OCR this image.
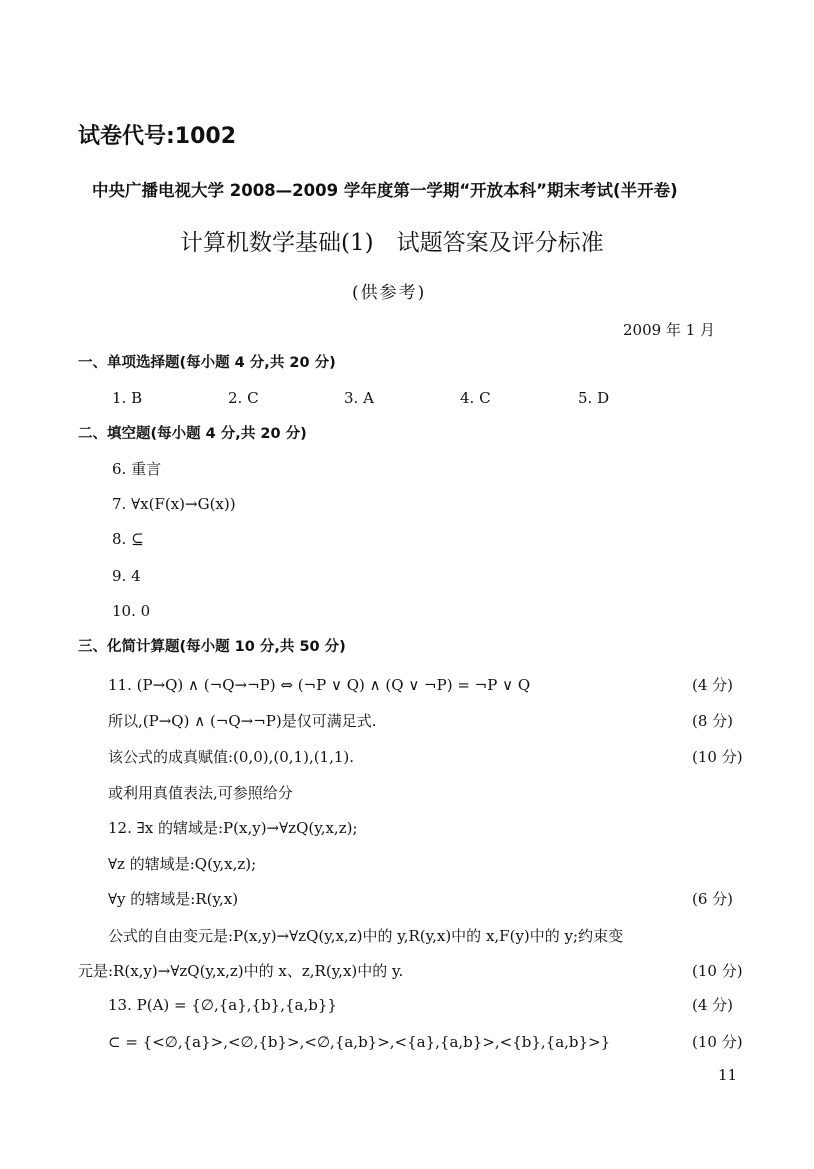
试卷代号:1002
中央广播电视大学 2008—2009 学年度第一学期“开放本科”期末考试(半开卷)
计算机数学基础(1)　试题答案及评分标准
(供参考)
2009 年 1 月
一、单项选择题(每小题 4 分,共 20 分)
1. B	2. C	3. A	4. C	5. D
二、填空题(每小题 4 分,共 20 分)
6. 重言
7. ∀x(F(x)→G(x))
8. ⊆
9. 4
10. 0
三、化简计算题(每小题 10 分,共 50 分)
11. (P→Q) ∧ (¬Q→¬P) ⇔ (¬P ∨ Q) ∧ (Q ∨ ¬P) = ¬P ∨ Q	(4 分)
所以,(P→Q) ∧ (¬Q→¬P)是仅可满足式.	(8 分)
该公式的成真赋值:(0,0),(0,1),(1,1).	(10 分)
或利用真值表法,可参照给分
12. ∃x 的辖域是:P(x,y)→∀zQ(y,x,z);
∀z 的辖域是:Q(y,x,z);
∀y 的辖域是:R(y,x)	(6 分)
公式的自由变元是:P(x,y)→∀zQ(y,x,z)中的 y,R(y,x)中的 x,F(y)中的 y;约束变
元是:R(x,y)→∀zQ(y,x,z)中的 x、z,R(y,x)中的 y.	(10 分)
13. P(A) = {∅,{a},{b},{a,b}}	(4 分)
⊂ = {<∅,{a}>,<∅,{b}>,<∅,{a,b}>,<{a},{a,b}>,<{b},{a,b}>}	(10 分)
11
